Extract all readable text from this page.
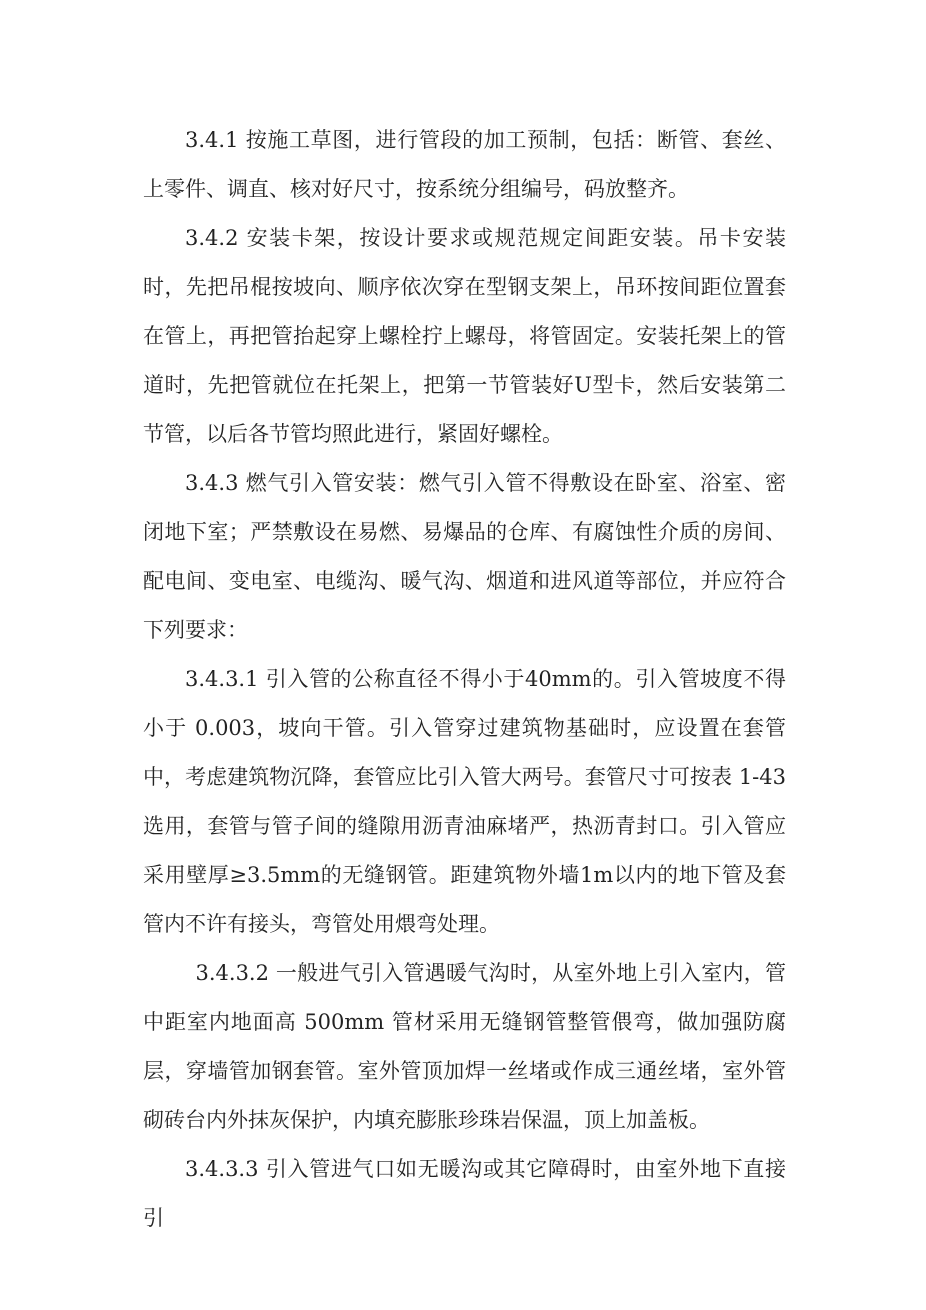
3.4.1 按施工草图，进行管段的加工预制，包括：断管、套丝、上零件、调直、核对好尺寸，按系统分组编号，码放整齐。

3.4.2 安装卡架，按设计要求或规范规定间距安装。吊卡安装时，先把吊棍按坡向、顺序依次穿在型钢支架上，吊环按间距位置套在管上，再把管抬起穿上螺栓拧上螺母，将管固定。安装托架上的管道时，先把管就位在托架上，把第一节管装好U型卡，然后安装第二节管，以后各节管均照此进行，紧固好螺栓。

3.4.3 燃气引入管安装：燃气引入管不得敷设在卧室、浴室、密闭地下室；严禁敷设在易燃、易爆品的仓库、有腐蚀性介质的房间、配电间、变电室、电缆沟、暖气沟、烟道和进风道等部位，并应符合下列要求：

3.4.3.1 引入管的公称直径不得小于40mm的。引入管坡度不得小于 0.003，坡向干管。引入管穿过建筑物基础时，应设置在套管中，考虑建筑物沉降，套管应比引入管大两号。套管尺寸可按表 1-43 选用，套管与管子间的缝隙用沥青油麻堵严，热沥青封口。引入管应采用壁厚≥3.5mm的无缝钢管。距建筑物外墙1m以内的地下管及套管内不许有接头，弯管处用煨弯处理。

3.4.3.2 一般进气引入管遇暖气沟时，从室外地上引入室内，管中距室内地面高 500mm 管材采用无缝钢管整管偎弯，做加强防腐层，穿墙管加钢套管。室外管顶加焊一丝堵或作成三通丝堵，室外管砌砖台内外抹灰保护，内填充膨胀珍珠岩保温，顶上加盖板。

3.4.3.3 引入管进气口如无暖沟或其它障碍时，由室外地下直接引
